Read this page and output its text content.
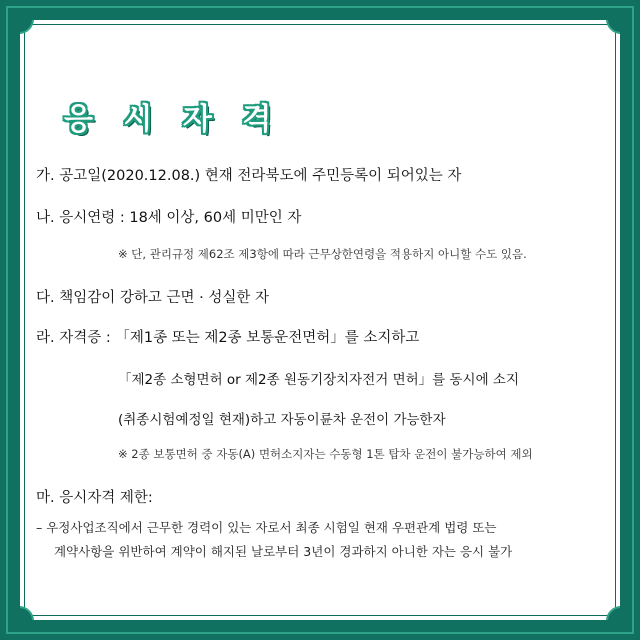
응 시 자 격
가. 공고일(2020.12.08.) 현재 전라북도에 주민등록이 되어있는 자
나. 응시연령 : 18세 이상, 60세 미만인 자
※ 단, 관리규정 제62조 제3항에 따라 근무상한연령을 적용하지 아니할 수도 있음.
다. 책임감이 강하고 근면 · 성실한 자
라. 자격증 : 「제1종 또는 제2종 보통운전면허」를 소지하고
「제2종 소형면허 or 제2종 원동기장치자전거 면허」를 동시에 소지
(취종시험예정일 현재)하고 자동이륜차 운전이 가능한자
※ 2종 보통면허 중 자동(A) 면허소지자는 수동형 1톤 탑차 운전이 불가능하여 제외
마. 응시자격 제한:
– 우정사업조직에서 근무한 경력이 있는 자로서 최종 시험일 현재 우편관계 법령 또는
계약사항을 위반하여 계약이 해지된 날로부터 3년이 경과하지 아니한 자는 응시 불가
